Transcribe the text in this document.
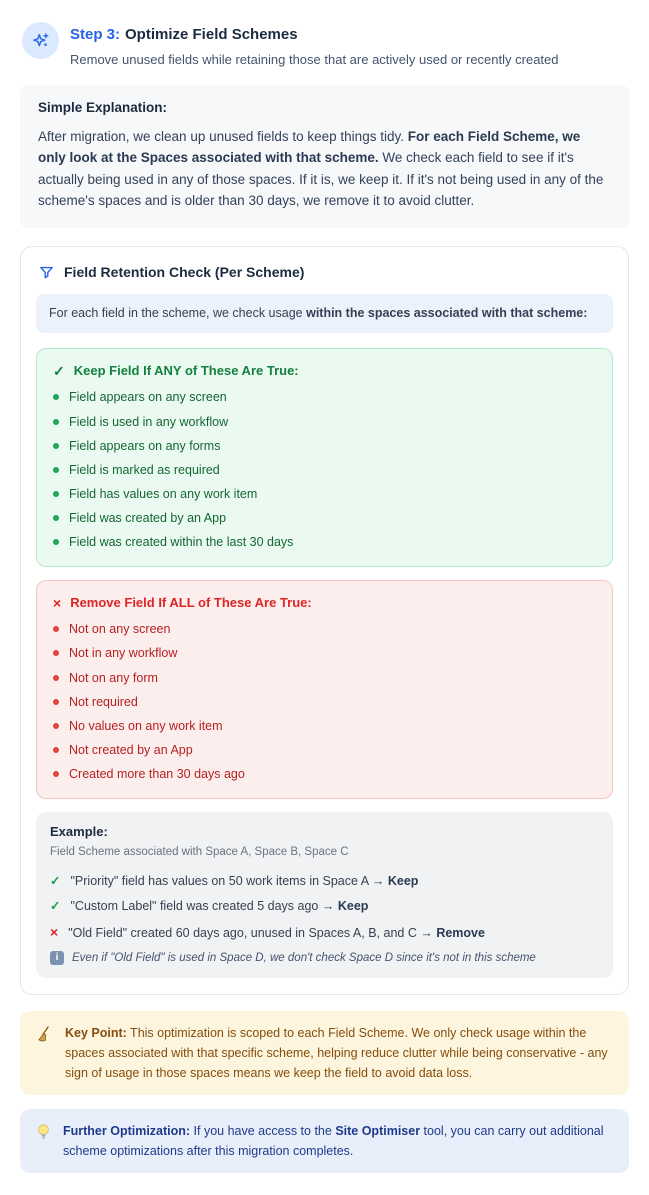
Step 3: Optimize Field Schemes
Remove unused fields while retaining those that are actively used or recently created
Simple Explanation:
After migration, we clean up unused fields to keep things tidy. For each Field Scheme, we only look at the Spaces associated with that scheme. We check each field to see if it's actually being used in any of those spaces. If it is, we keep it. If it's not being used in any of the scheme's spaces and is older than 30 days, we remove it to avoid clutter.
Field Retention Check (Per Scheme)
For each field in the scheme, we check usage within the spaces associated with that scheme:
✓ Keep Field If ANY of These Are True:
Field appears on any screen
Field is used in any workflow
Field appears on any forms
Field is marked as required
Field has values on any work item
Field was created by an App
Field was created within the last 30 days
× Remove Field If ALL of These Are True:
Not on any screen
Not in any workflow
Not on any form
Not required
No values on any work item
Not created by an App
Created more than 30 days ago
Example:
Field Scheme associated with Space A, Space B, Space C
✓ "Priority" field has values on 50 work items in Space A → Keep
✓ "Custom Label" field was created 5 days ago → Keep
× "Old Field" created 60 days ago, unused in Spaces A, B, and C → Remove
i	Even if "Old Field" is used in Space D, we don't check Space D since it's not in this scheme
Key Point: This optimization is scoped to each Field Scheme. We only check usage within the spaces associated with that specific scheme, helping reduce clutter while being conservative - any sign of usage in those spaces means we keep the field to avoid data loss.
Further Optimization: If you have access to the Site Optimiser tool, you can carry out additional scheme optimizations after this migration completes.
